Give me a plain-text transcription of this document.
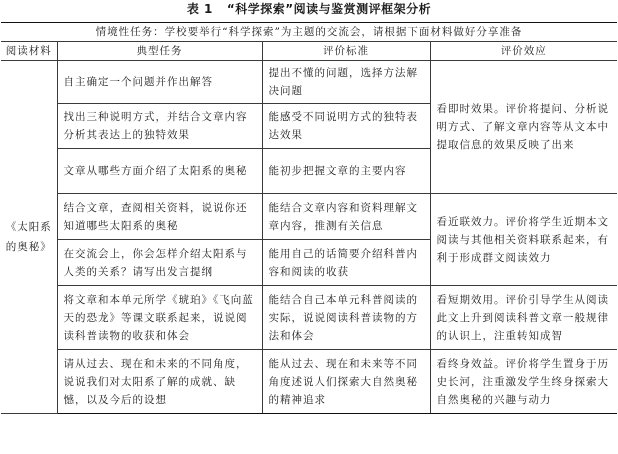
表 1 “科学探索”阅读与鉴赏测评框架分析
情境性任务：学校要举行“科学探索”为主题的交流会，请根据下面材料做好分享准备			
阅读材料	典型任务	评价标准	评价效应
《太阳系的奥秘》	自主确定一个问题并作出解答	提出不懂的问题，选择方法解决问题	看即时效果。评价将提问、分析说明方式、了解文章内容等从文本中提取信息的效果反映了出来
	找出三种说明方式，并结合文章内容分析其表达上的独特效果	能感受不同说明方式的独特表达效果	
	文章从哪些方面介绍了太阳系的奥秘	能初步把握文章的主要内容	
	结合文章，查阅相关资料，说说你还知道哪些太阳系的奥秘	能结合文章内容和资料理解文章内容，推测有关信息	看近联效力。评价将学生近期本文阅读与其他相关资料联系起来，有利于形成群文阅读效力
	在交流会上，你会怎样介绍太阳系与人类的关系？请写出发言提纲	能用自己的话简要介绍科普内容和阅读的收获	
	将文章和本单元所学《琥珀》《飞向蓝天的恐龙》等课文联系起来，说说阅读科普读物的收获和体会	能结合自己本单元科普阅读的实际，说说阅读科普读物的方法和体会	看短期效用。评价引导学生从阅读此文上升到阅读科普文章一般规律的认识上，注重转知成智
	请从过去、现在和未来的不同角度，说说我们对太阳系了解的成就、缺憾，以及今后的设想	能从过去、现在和未来等不同角度述说人们探索大自然奥秘的精神追求	看终身效益。评价将学生置身于历史长河，注重激发学生终身探索大自然奥秘的兴趣与动力
